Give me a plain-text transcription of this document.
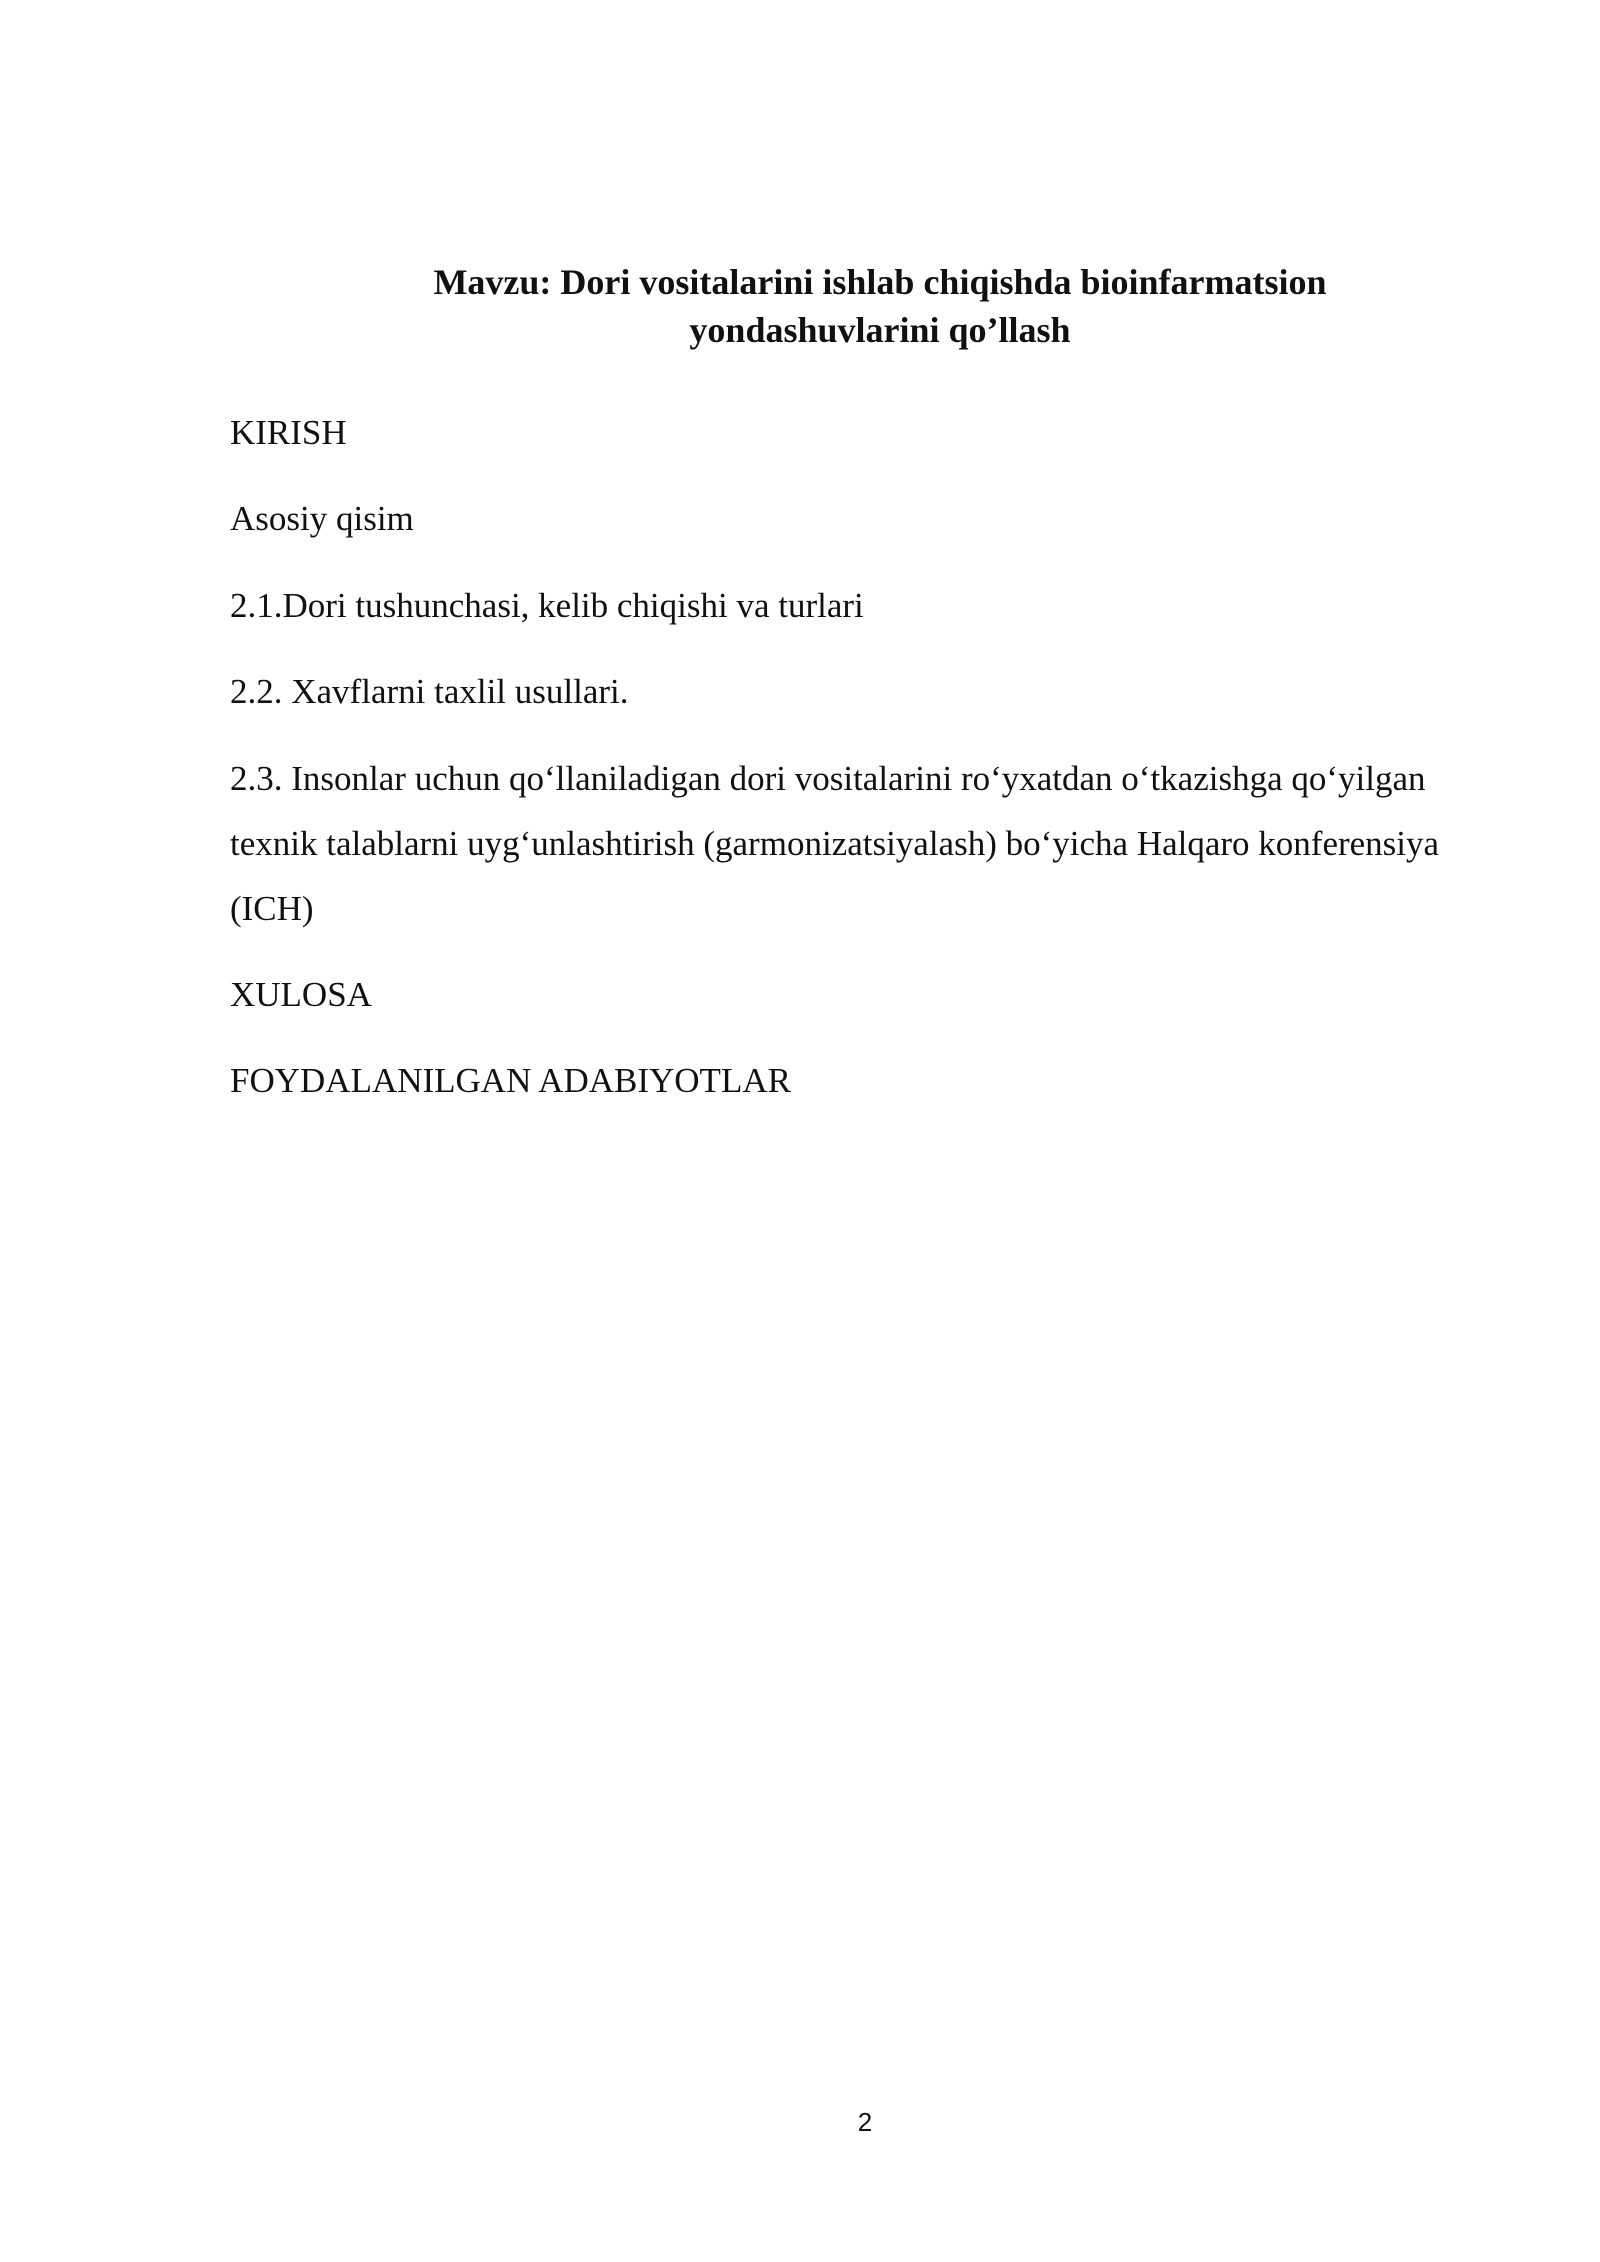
Mavzu: Dori vositalarini ishlab chiqishda bioinfarmatsion
yondashuvlarini qo’llash
KIRISH
Asosiy qisim
2.1.Dori tushunchasi, kelib chiqishi va turlari
2.2. Xavflarni taxlil usullari.
2.3. Insonlar uchun qo‘llaniladigan dori vositalarini ro‘yxatdan o‘tkazishga qo‘yilgan texnik talablarni uyg‘unlashtirish (garmonizatsiyalash) bo‘yicha Halqaro konferensiya (ICH)
XULOSA
FOYDALANILGAN ADABIYOTLAR
2
